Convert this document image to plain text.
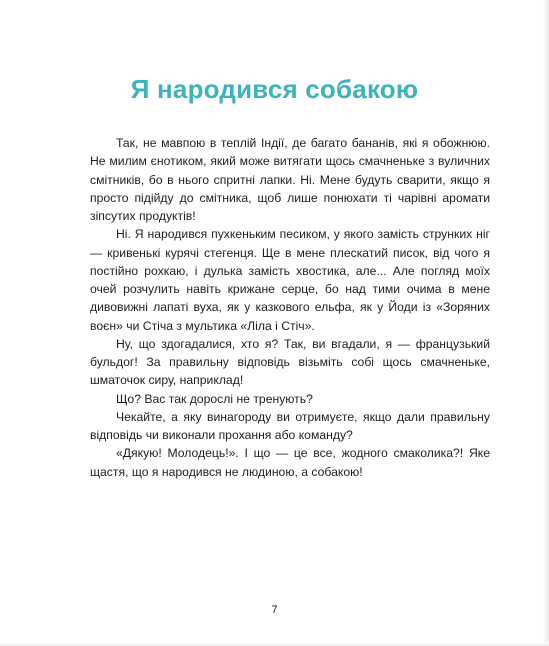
Я народився собакою

Так, не мавпою в теплій Індії, де багато бананів, які я обожнюю. Не милим єнотиком, який може витягати щось смачненьке з вуличних смітників, бо в нього спритні лапки. Ні. Мене будуть сварити, якщо я просто підійду до смітника, щоб лише понюхати ті чарівні аромати зіпсутих продуктів!

Ні. Я народився пухкеньким песиком, у якого замість стрункиx ніг — кривенькі курячі стегенця. Ще в мене плескатий писок, від чого я постійно рохкаю, і дулька замість хвостика, але... Але погляд моїх очей розчулить навіть крижане серце, бо над тими очима в мене дивовижні лапаті вуха, як у казкового ельфа, як у Йоди із «Зоряних воєн» чи Стіча з мультика «Ліла і Стіч».

Ну, що здогадалися, хто я? Так, ви вгадали, я — французький бульдог! За правильну відповідь візьміть собі щось смачненьке, шматочок сиру, наприклад!

Що? Вас так дорослі не тренують?

Чекайте, а яку винагороду ви отримуєте, якщо дали правильну відповідь чи виконали прохання або команду?

«Дякую! Молодець!». І що — це все, жодного смаколика?! Яке щастя, що я народився не людиною, а собакою!

7
